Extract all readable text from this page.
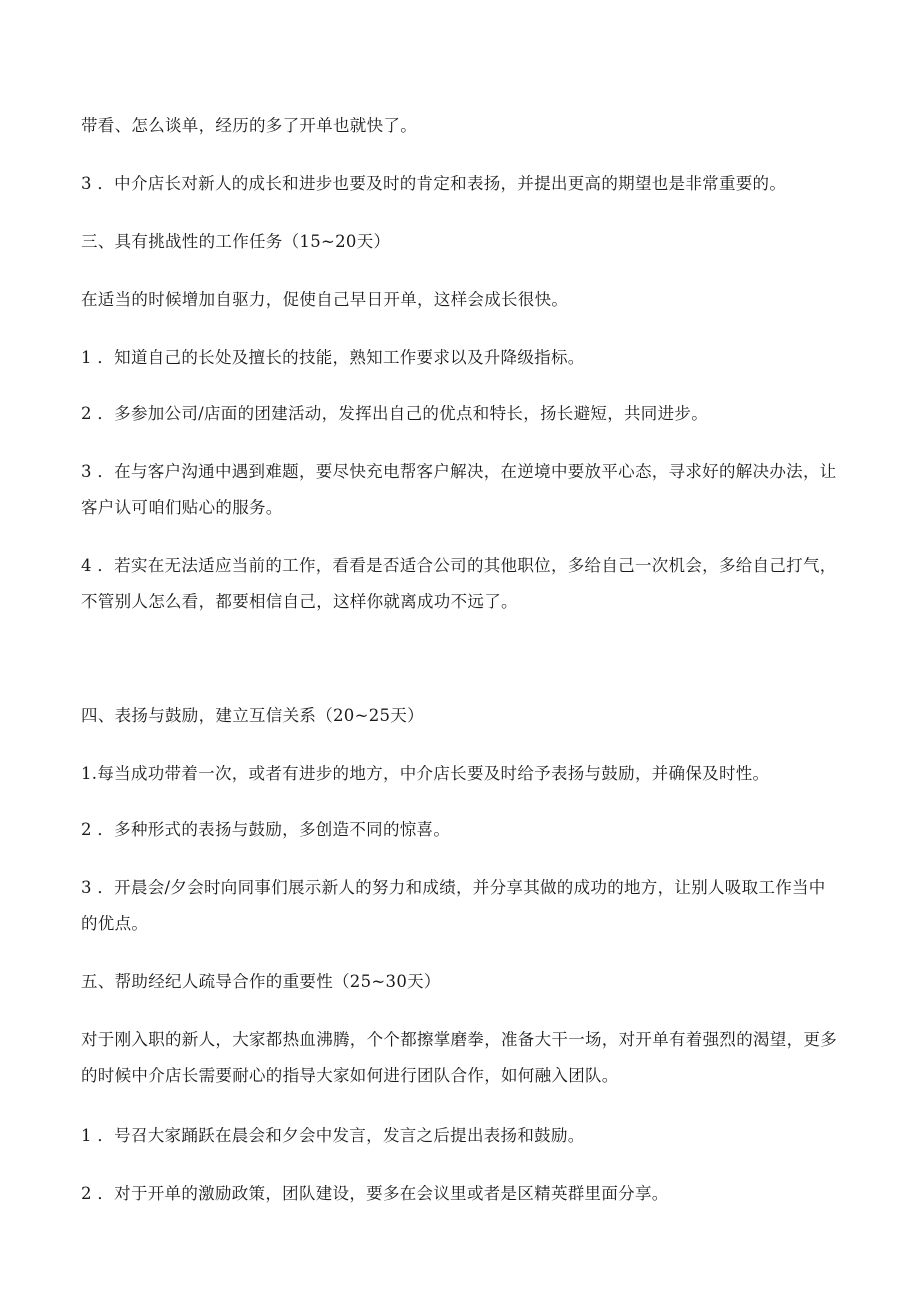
带看、怎么谈单，经历的多了开单也就快了。

3 ．中介店长对新人的成长和进步也要及时的肯定和表扬，并提出更高的期望也是非常重要的。

三、具有挑战性的工作任务（15~20天）

在适当的时候增加自驱力，促使自己早日开单，这样会成长很快。

1 ．知道自己的长处及擅长的技能，熟知工作要求以及升降级指标。

2 ．多参加公司/店面的团建活动，发挥出自己的优点和特长，扬长避短，共同进步。

3 ．在与客户沟通中遇到难题，要尽快充电帮客户解决，在逆境中要放平心态，寻求好的解决办法，让客户认可咱们贴心的服务。

4 ．若实在无法适应当前的工作，看看是否适合公司的其他职位，多给自己一次机会，多给自己打气，不管别人怎么看，都要相信自己，这样你就离成功不远了。

四、表扬与鼓励，建立互信关系（20~25天）

1.每当成功带着一次，或者有进步的地方，中介店长要及时给予表扬与鼓励，并确保及时性。

2 ．多种形式的表扬与鼓励，多创造不同的惊喜。

3 ．开晨会/夕会时向同事们展示新人的努力和成绩，并分享其做的成功的地方，让别人吸取工作当中的优点。

五、帮助经纪人疏导合作的重要性（25~30天）

对于刚入职的新人，大家都热血沸腾，个个都擦掌磨拳，准备大干一场，对开单有着强烈的渴望，更多的时候中介店长需要耐心的指导大家如何进行团队合作，如何融入团队。

1 ．号召大家踊跃在晨会和夕会中发言，发言之后提出表扬和鼓励。

2 ．对于开单的激励政策，团队建设，要多在会议里或者是区精英群里面分享。
